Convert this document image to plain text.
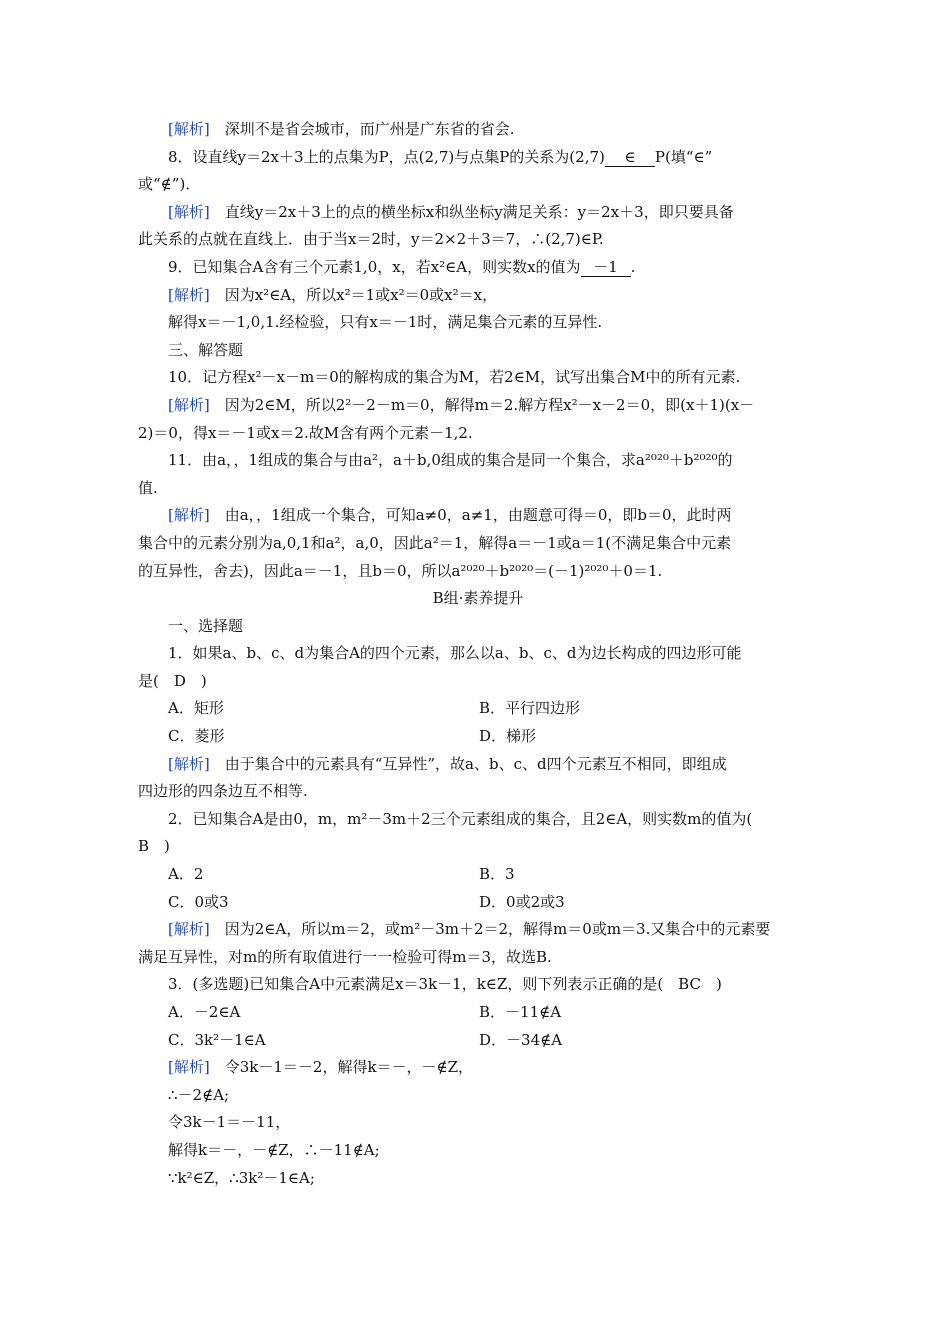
[解析]　深圳不是省会城市，而广州是广东省的省会.
8．设直线y＝2x＋3上的点集为P，点(2,7)与点集P的关系为(2,7) ∈ P(填“∈”
或“∉”)．
[解析]　直线y＝2x＋3上的点的横坐标x和纵坐标y满足关系：y＝2x＋3，即只要具备
此关系的点就在直线上．由于当x＝2时，y＝2×2＋3＝7，∴(2,7)∈P.
9．已知集合A含有三个元素1,0，x，若x²∈A，则实数x的值为 －1 .
[解析]　因为x²∈A，所以x²＝1或x²＝0或x²＝x，
解得x＝－1,0,1.经检验，只有x＝－1时，满足集合元素的互异性.
三、解答题
10．记方程x²－x－m＝0的解构成的集合为M，若2∈M，试写出集合M中的所有元素.
[解析]　因为2∈M，所以2²－2－m＝0，解得m＝2.解方程x²－x－2＝0，即(x＋1)(x－
2)＝0，得x＝－1或x＝2.故M含有两个元素－1,2.
11．由a，，1组成的集合与由a²，a＋b,0组成的集合是同一个集合，求a²⁰²⁰＋b²⁰²⁰的
值.
[解析]　由a，，1组成一个集合，可知a≠0，a≠1，由题意可得＝0，即b＝0，此时两
集合中的元素分别为a,0,1和a²，a,0，因此a²＝1，解得a＝－1或a＝1(不满足集合中元素
的互异性，舍去)，因此a＝－1，且b＝0，所以a²⁰²⁰＋b²⁰²⁰＝(－1)²⁰²⁰＋0＝1.
B组·素养提升
一、选择题
1．如果a、b、c、d为集合A的四个元素，那么以a、b、c、d为边长构成的四边形可能
是(　D　)
A．矩形	B．平行四边形
C．菱形	D．梯形
[解析]　由于集合中的元素具有“互异性”，故a、b、c、d四个元素互不相同，即组成
四边形的四条边互不相等.
2．已知集合A是由0，m，m²－3m＋2三个元素组成的集合，且2∈A，则实数m的值为(
B　)
A．2	B．3
C．0或3	D．0或2或3
[解析]　因为2∈A，所以m＝2，或m²－3m＋2＝2，解得m＝0或m＝3.又集合中的元素要
满足互异性，对m的所有取值进行一一检验可得m＝3，故选B.
3．(多选题)已知集合A中元素满足x＝3k－1，k∈Z，则下列表示正确的是(　BC　)
A．－2∈A	B．－11∉A
C．3k²－1∈A	D．－34∉A
[解析]　令3k－1＝－2，解得k＝－，－∉Z，
∴－2∉A;
令3k－1＝－11，
解得k＝－，－∉Z，∴－11∉A;
∵k²∈Z，∴3k²－1∈A;
